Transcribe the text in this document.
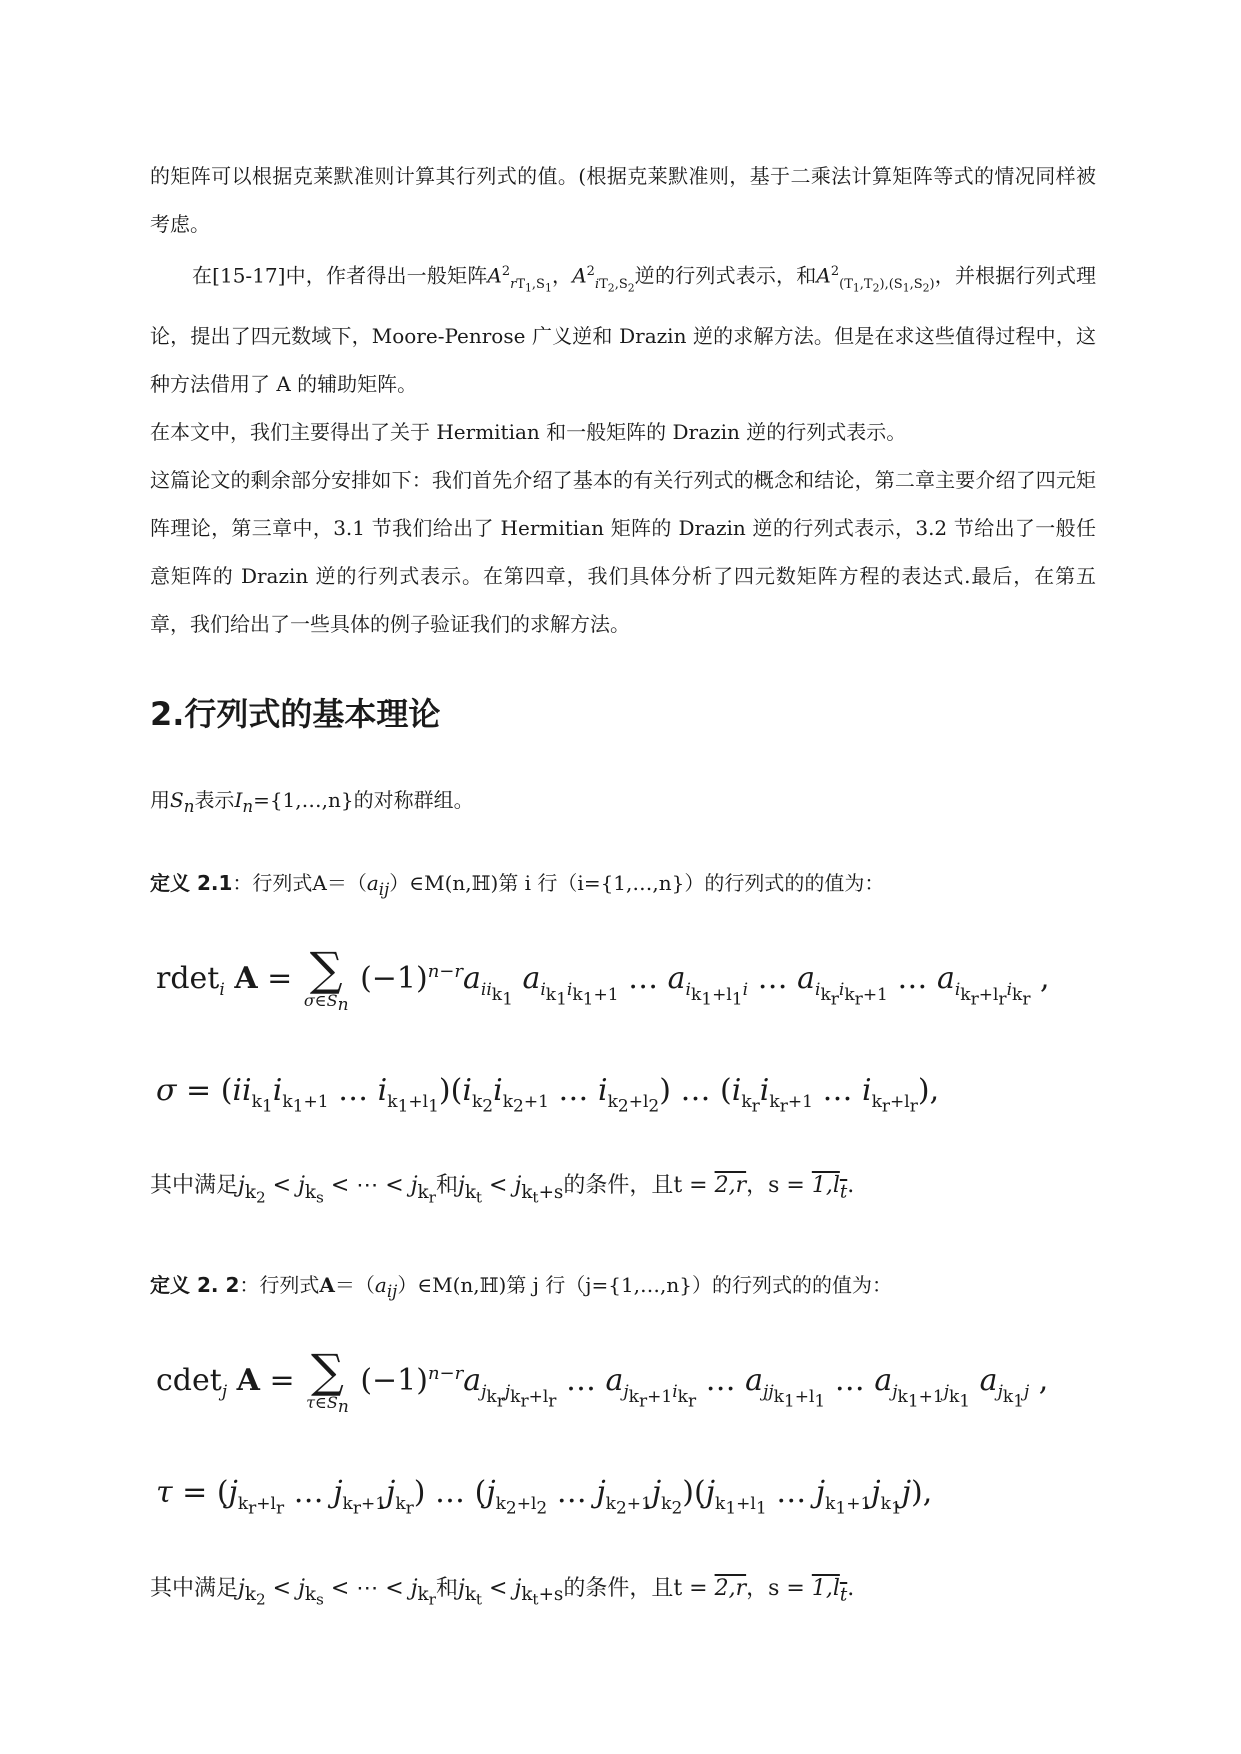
的矩阵可以根据克莱默准则计算其行列式的值。(根据克莱默准则，基于二乘法计算矩阵等式的情况同样被考虑。

在[15-17]中，作者得出一般矩阵$A^2_{rT_1,S_1}$，$A^2_{iT_2,S_2}$逆的行列式表示，和$A^2_{(T_1,T_2),(S_1,S_2)}$，并根据行列式理论，提出了四元数域下，Moore-Penrose 广义逆和 Drazin 逆的求解方法。但是在求这些值得过程中，这种方法借用了 A 的辅助矩阵。

在本文中，我们主要得出了关于 Hermitian 和一般矩阵的 Drazin 逆的行列式表示。

这篇论文的剩余部分安排如下：我们首先介绍了基本的有关行列式的概念和结论，第二章主要介绍了四元矩阵理论，第三章中，3.1 节我们给出了 Hermitian 矩阵的 Drazin 逆的行列式表示，3.2 节给出了一般任意矩阵的 Drazin 逆的行列式表示。在第四章，我们具体分析了四元数矩阵方程的表达式.最后，在第五章，我们给出了一些具体的例子验证我们的求解方法。

2.行列式的基本理论
用$S_n$表示$I_n=\{1,\dots,n\}$的对称群组。
定义 2.1：行列式$A=(a_{ij})\in M(n,ℍ)$第 i 行（i={1,…,n}）的行列式的的值为：
rdet$_i$ A = ∑
$\sigma\in S_n$
$(-1)^{n-r}a_{ii_{k_1}}$ $a_{i_{k_1}i_{k_1+1}}$ … $a_{i_{k_1+l_1}i}$ … $a_{i_{k_r}i_{k_r+1}}$ … $a_{i_{k_r+l_r}i_{k_r}}$ ,
$\sigma = (ii_{k_1}i_{k_1+1}$ … $i_{k_1+l_1})(i_{k_2}i_{k_2+1}$ … $i_{k_2+l_2}$) … ($i_{k_r}i_{k_r+1}$ … $i_{k_r+l_r}$),
其中满足$j_{k_2} < j_{k_s}$ < ⋯ < $j_{k_r}$和$j_{k_t} < j_{k_t+s}$的条件，且t = 2,r，$s = 1,l_t$.
定义 2. 2：行列式$A=(a_{ij})\in M(n,ℍ)$第 j 行（j={1,…,n}）的行列式的的值为：
cdet$_j$ A = ∑
$\tau\in S_n$
$(-1)^{n-r}a_{j_{k_r}j_{k_r+l_r}}$ … $a_{j_{k_r+1}i_{k_r}}$ … $a_{jj_{k_1+l_1}}$ … $a_{j_{k_1+1}j_{k_1}}$ $a_{j_{k_1}j}$ ,
$\tau = (j_{k_r+l_r}$ … $j_{k_r+1}j_{k_r}$) … ($j_{k_2+l_2}$ … $j_{k_2+1}j_{k_2})(j_{k_1+l_1}$ … $j_{k_1+1}j_{k_1}j$),
其中满足$j_{k_2} < j_{k_s}$ < ⋯ < $j_{k_r}$和$j_{k_t} < j_{k_t+s}$的条件，且t = 2,r，$s = 1,l_t$.
